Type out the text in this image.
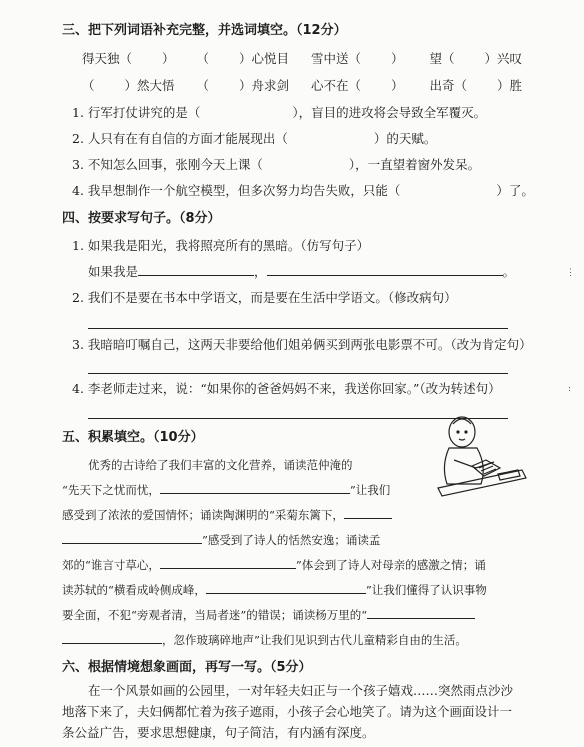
三、把下列词语补充完整，并选词填空。（12分）
得天独（ ） （ ）心悦目 雪中送（ ） 望（ ）兴叹
（ ）然大悟 （ ）舟求剑 心不在（ ） 出奇（ ）胜
1. 行军打仗讲究的是（	），盲目的进攻将会导致全军覆灭。
2. 人只有在有自信的方面才能展现出（	）的天赋。
3. 不知怎么回事，张刚今天上课（	），一直望着窗外发呆。
4. 我早想制作一个航空模型，但多次努力均告失败，只能（	）了。
四、按要求写句子。（8分）
1. 如果我是阳光，我将照亮所有的黑暗。（仿写句子）
如果我是	，	。
2. 我们不是要在书本中学语文，而是要在生活中学语文。（修改病句）
3. 我暗暗叮嘱自己，这两天非要给他们姐弟俩买到两张电影票不可。（改为肯定句）
4. 李老师走过来，说：“如果你的爸爸妈妈不来，我送你回家。”（改为转述句）
五、积累填空。（10分）
优秀的古诗给了我们丰富的文化营养，诵读范仲淹的
“先天下之忧而忧，	”让我们
感受到了浓浓的爱国情怀；诵读陶渊明的“采菊东篱下，
”感受到了诗人的恬然安逸；诵读孟
郊的“谁言寸草心，	”体会到了诗人对母亲的感激之情；诵
读苏轼的“横看成岭侧成峰，	”让我们懂得了认识事物
要全面，不犯“旁观者清，当局者迷”的错误；诵读杨万里的“
，忽作玻璃碎地声”让我们见识到古代儿童精彩自由的生活。
六、根据情境想象画面，再写一写。（5分）
在一个风景如画的公园里，一对年轻夫妇正与一个孩子嬉戏……突然雨点沙沙
地落下来了，夫妇俩都忙着为孩子遮雨，小孩子会心地笑了。请为这个画面设计一
条公益广告，要求思想健康，句子简洁，有内涵有深度。
⋮
:
